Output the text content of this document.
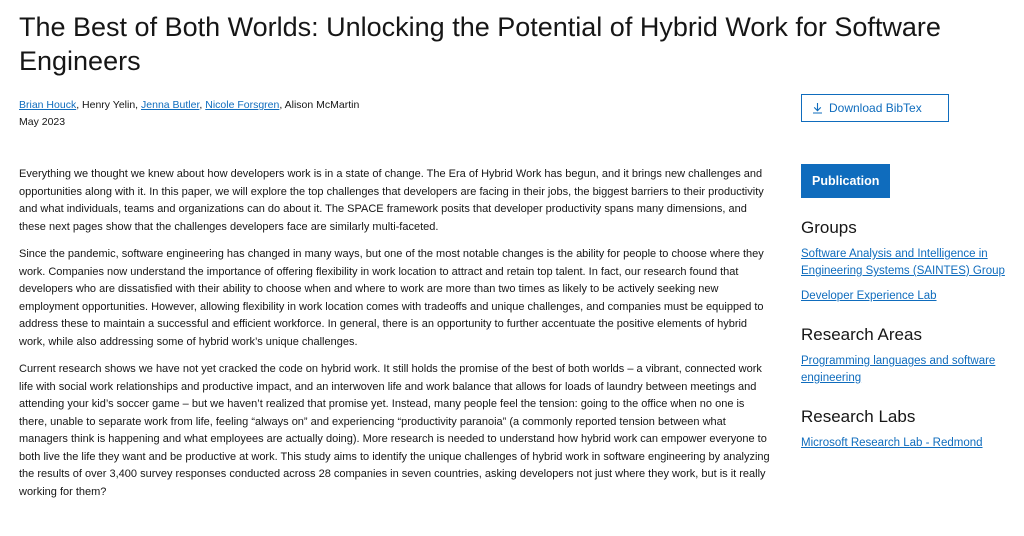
The Best of Both Worlds: Unlocking the Potential of Hybrid Work for Software Engineers
Brian Houck, Henry Yelin, Jenna Butler, Nicole Forsgren, Alison McMartin
May 2023

Everything we thought we knew about how developers work is in a state of change. The Era of Hybrid Work has begun, and it brings new challenges and opportunities along with it. In this paper, we will explore the top challenges that developers are facing in their jobs, the biggest barriers to their productivity and what individuals, teams and organizations can do about it. The SPACE framework posits that developer productivity spans many dimensions, and these next pages show that the challenges developers face are similarly multi-faceted.

Since the pandemic, software engineering has changed in many ways, but one of the most notable changes is the ability for people to choose where they work. Companies now understand the importance of offering flexibility in work location to attract and retain top talent. In fact, our research found that developers who are dissatisfied with their ability to choose when and where to work are more than two times as likely to be actively seeking new employment opportunities. However, allowing flexibility in work location comes with tradeoffs and unique challenges, and companies must be equipped to address these to maintain a successful and efficient workforce. In general, there is an opportunity to further accentuate the positive elements of hybrid work, while also addressing some of hybrid work’s unique challenges.

Current research shows we have not yet cracked the code on hybrid work. It still holds the promise of the best of both worlds – a vibrant, connected work life with social work relationships and productive impact, and an interwoven life and work balance that allows for loads of laundry between meetings and attending your kid’s soccer game – but we haven’t realized that promise yet. Instead, many people feel the tension: going to the office when no one is there, unable to separate work from life, feeling “always on” and experiencing “productivity paranoia” (a commonly reported tension between what managers think is happening and what employees are actually doing). More research is needed to understand how hybrid work can empower everyone to both live the life they want and be productive at work. This study aims to identify the unique challenges of hybrid work in software engineering by analyzing the results of over 3,400 survey responses conducted across 28 companies in seven countries, asking developers not just where they work, but is it really working for them?

Download BibTex
Publication
Groups
Software Analysis and Intelligence in Engineering Systems (SAINTES) Group
Developer Experience Lab
Research Areas
Programming languages and software engineering
Research Labs
Microsoft Research Lab - Redmond
